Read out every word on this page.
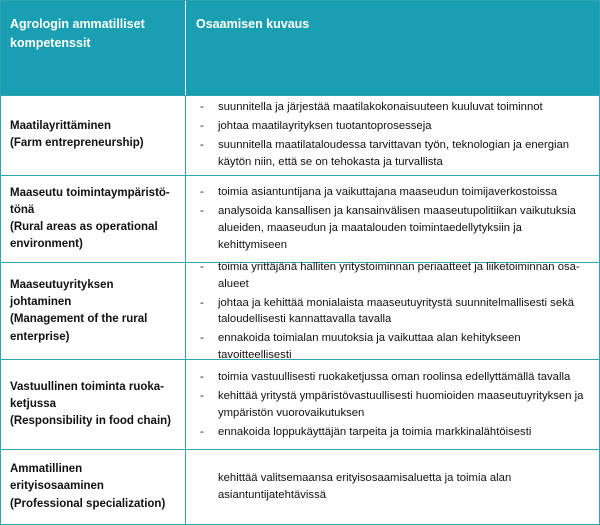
Agrologin ammatilliset kompetenssit
Osaamisen kuvaus
Maatilayrittäminen
(Farm entrepreneurship)
- suunnitella ja järjestää maatilakokonaisuuteen kuuluvat toiminnot
- johtaa maatilayrityksen tuotantoprosesseja
- suunnitella maatilataloudessa tarvittavan työn, teknologian ja energian käytön niin, että se on tehokasta ja turvallista
Maaseutu toimintaympäristö-
tönä
(Rural areas as operational
environment)
- toimia asiantuntijana ja vaikuttajana maaseudun toimijaverkostoissa
- analysoida kansallisen ja kansainvälisen maaseutupolitiikan vaikutuksia alueiden, maaseudun ja maatalouden toimintaedellytyksiin ja kehittymiseen
Maaseutuyrityksen
johtaminen
(Management of the rural
enterprise)
- toimia yrittäjänä halliten yritystoiminnan periaatteet ja liiketoiminnan osa-alueet
- johtaa ja kehittää monialaista maaseutuyritystä suunnitelmallisesti sekä taloudellisesti kannattavalla tavalla
- ennakoida toimialan muutoksia ja vaikuttaa alan kehitykseen tavoitteellisesti
Vastuullinen toiminta ruoka-
ketjussa
(Responsibility in food chain)
- toimia vastuullisesti ruokaketjussa oman roolinsa edellyttämällä tavalla
- kehittää yritystä ympäristövastuullisesti huomioiden maaseutuyrityksen ja ympäristön vuorovaikutuksen
- ennakoida loppukäyttäjän tarpeita ja toimia markkinalähtöisesti
Ammatillinen
erityisosaaminen
(Professional specialization)
kehittää valitsemaansa erityisosaamisaluetta ja toimia alan asiantuntijatehtävissä
